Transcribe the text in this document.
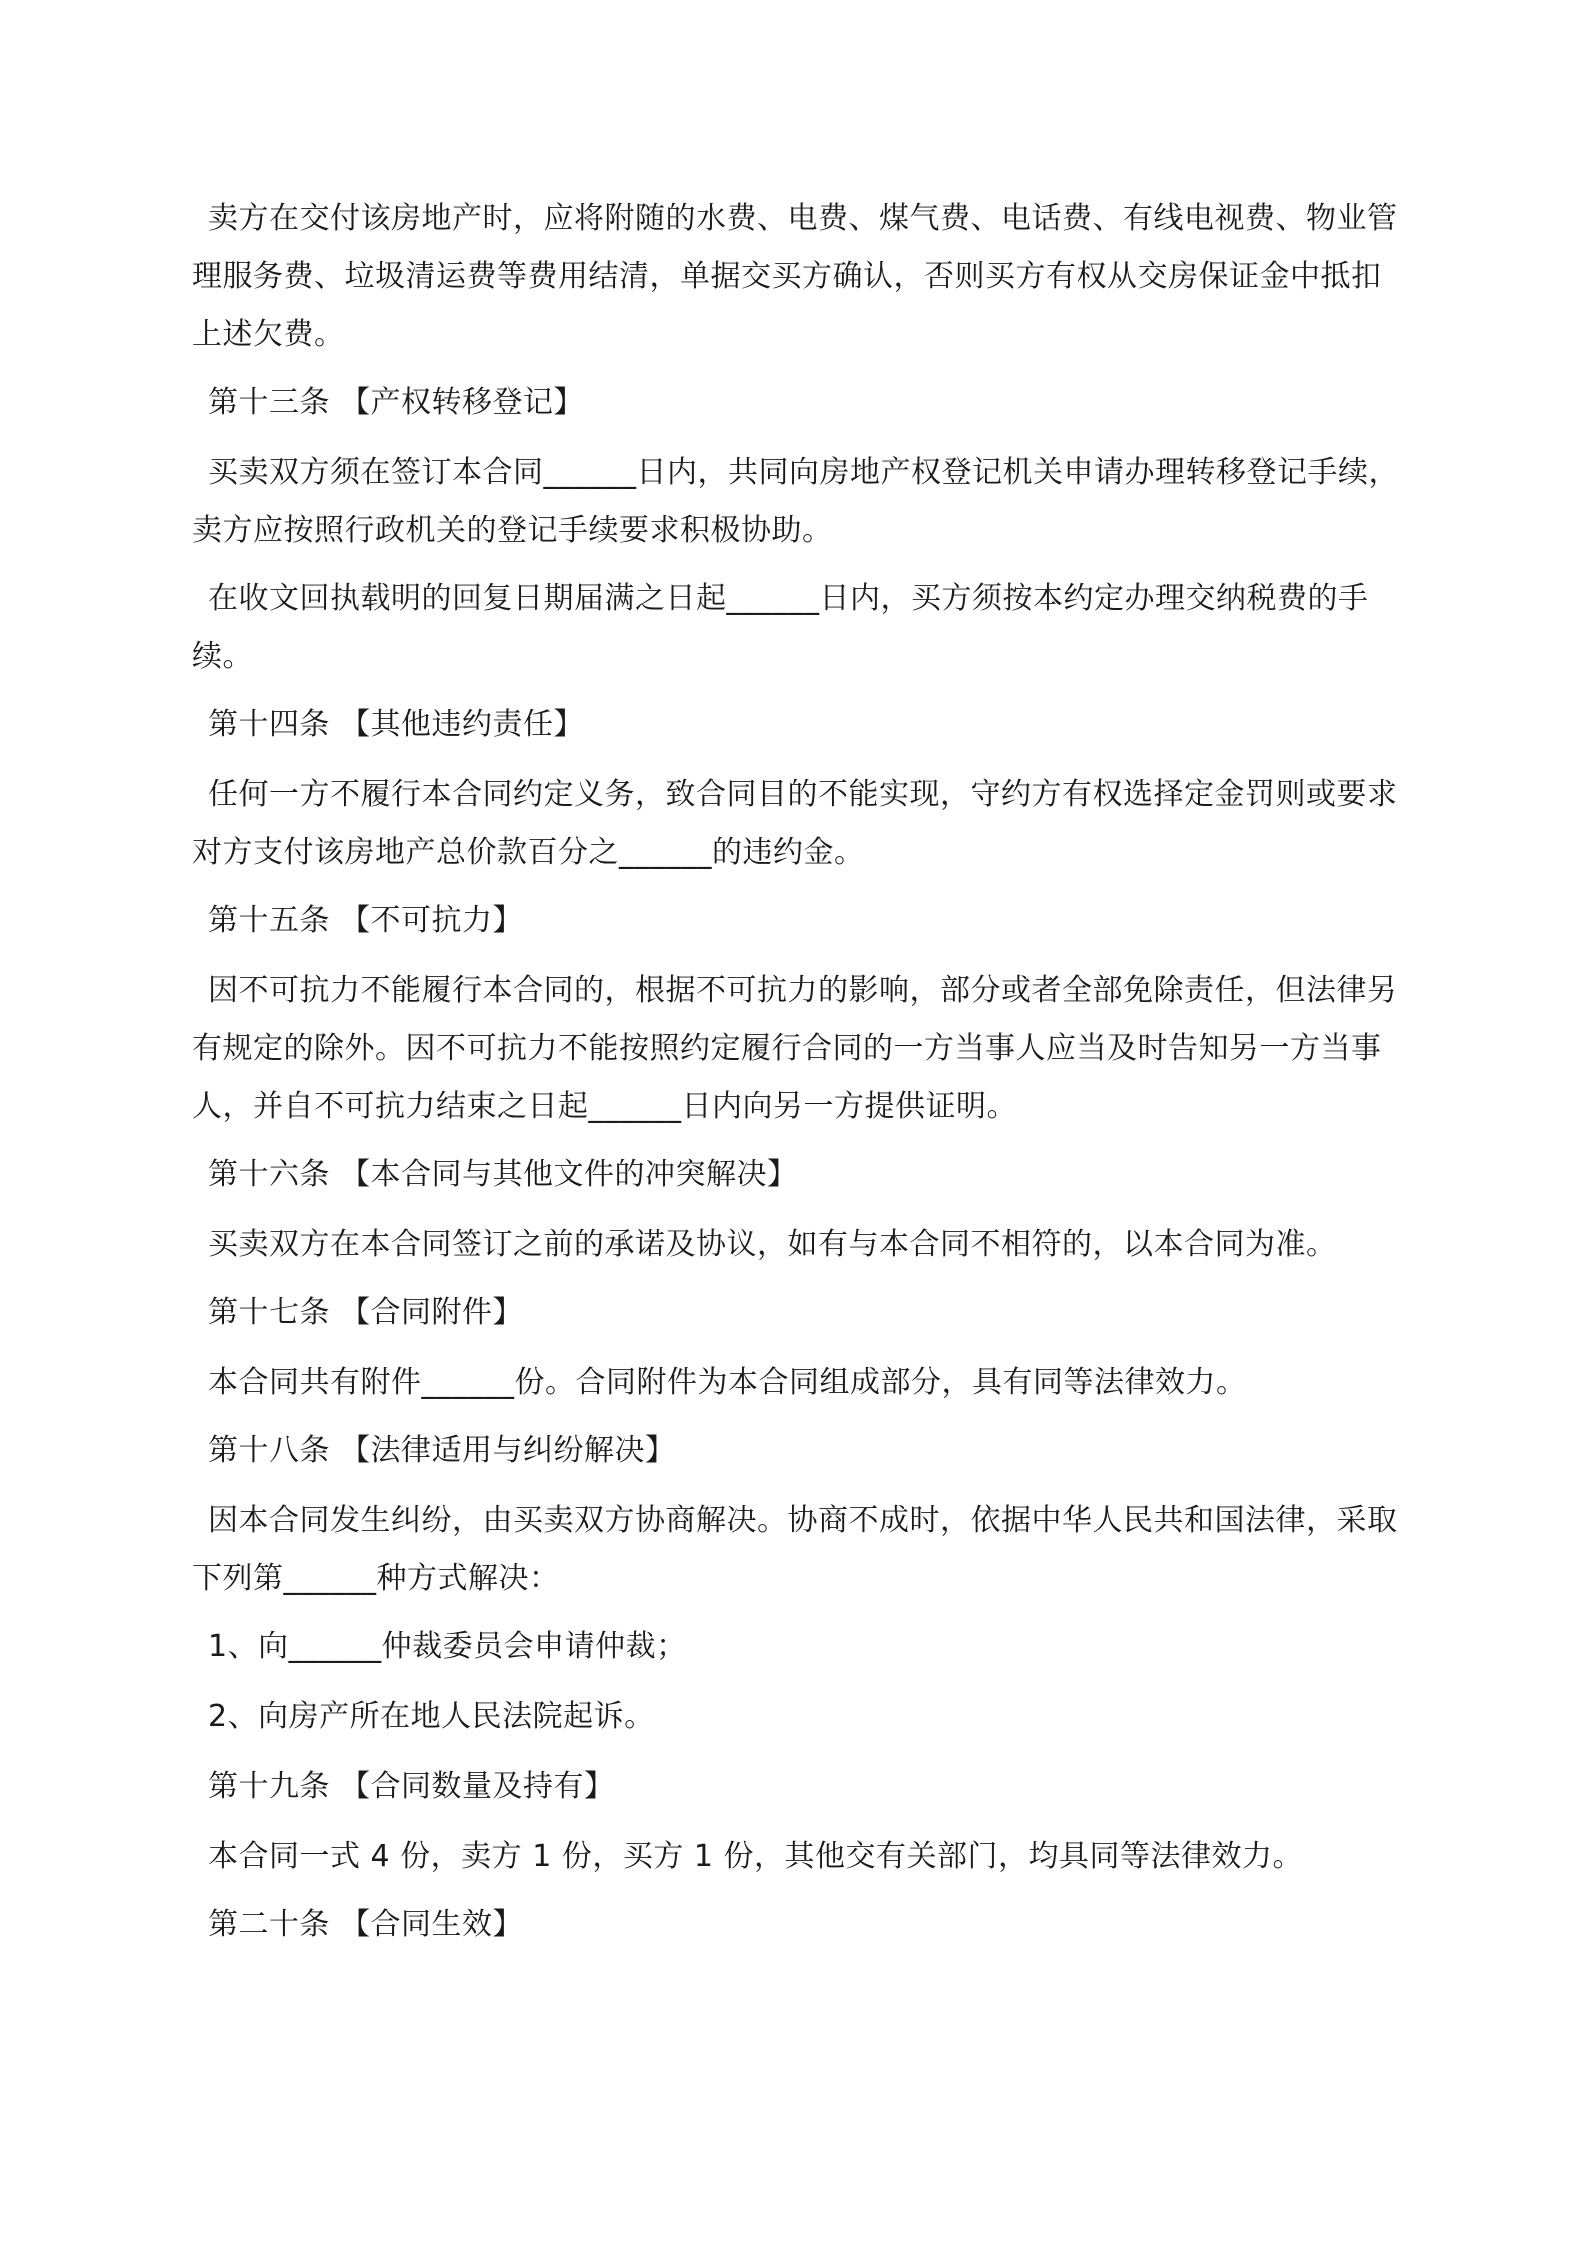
卖方在交付该房地产时，应将附随的水费、电费、煤气费、电话费、有线电视费、物业管理服务费、垃圾清运费等费用结清，单据交买方确认，否则买方有权从交房保证金中抵扣上述欠费。

第十三条 【产权转移登记】

买卖双方须在签订本合同______日内，共同向房地产权登记机关申请办理转移登记手续，卖方应按照行政机关的登记手续要求积极协助。

在收文回执载明的回复日期届满之日起______日内，买方须按本约定办理交纳税费的手续。

第十四条 【其他违约责任】

任何一方不履行本合同约定义务，致合同目的不能实现，守约方有权选择定金罚则或要求对方支付该房地产总价款百分之______的违约金。

第十五条 【不可抗力】

因不可抗力不能履行本合同的，根据不可抗力的影响，部分或者全部免除责任，但法律另有规定的除外。因不可抗力不能按照约定履行合同的一方当事人应当及时告知另一方当事人，并自不可抗力结束之日起______日内向另一方提供证明。

第十六条 【本合同与其他文件的冲突解决】

买卖双方在本合同签订之前的承诺及协议，如有与本合同不相符的，以本合同为准。

第十七条 【合同附件】

本合同共有附件______份。合同附件为本合同组成部分，具有同等法律效力。

第十八条 【法律适用与纠纷解决】

因本合同发生纠纷，由买卖双方协商解决。协商不成时，依据中华人民共和国法律，采取下列第______种方式解决：

1、向______仲裁委员会申请仲裁；

2、向房产所在地人民法院起诉。

第十九条 【合同数量及持有】

本合同一式 4 份，卖方 1 份，买方 1 份，其他交有关部门，均具同等法律效力。

第二十条 【合同生效】
